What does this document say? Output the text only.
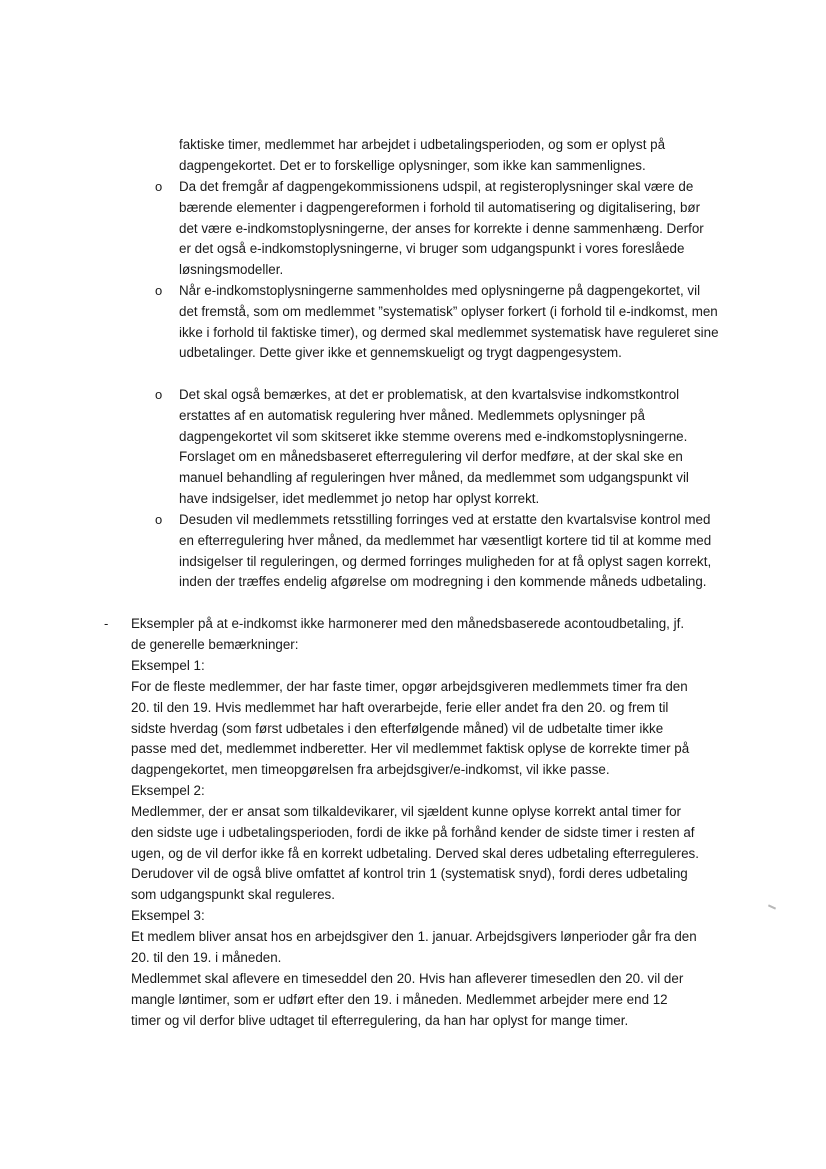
faktiske timer, medlemmet har arbejdet i udbetalingsperioden, og som er oplyst på dagpengekortet. Det er to forskellige oplysninger, som ikke kan sammenlignes.

o Da det fremgår af dagpengekommissionens udspil, at registeroplysninger skal være de bærende elementer i dagpengereformen i forhold til automatisering og digitalisering, bør det være e-indkomstoplysningerne, der anses for korrekte i denne sammenhæng. Derfor er det også e-indkomstoplysningerne, vi bruger som udgangspunkt i vores foreslåede løsningsmodeller.

o Når e-indkomstoplysningerne sammenholdes med oplysningerne på dagpengekortet, vil det fremstå, som om medlemmet ”systematisk” oplyser forkert (i forhold til e-indkomst, men ikke i forhold til faktiske timer), og dermed skal medlemmet systematisk have reguleret sine udbetalinger. Dette giver ikke et gennemskueligt og trygt dagpengesystem.

o Det skal også bemærkes, at det er problematisk, at den kvartalsvise indkomstkontrol erstattes af en automatisk regulering hver måned. Medlemmets oplysninger på dagpengekortet vil som skitseret ikke stemme overens med e-indkomstoplysningerne. Forslaget om en månedsbaseret efterregulering vil derfor medføre, at der skal ske en manuel behandling af reguleringen hver måned, da medlemmet som udgangspunkt vil have indsigelser, idet medlemmet jo netop har oplyst korrekt.

o Desuden vil medlemmets retsstilling forringes ved at erstatte den kvartalsvise kontrol med en efterregulering hver måned, da medlemmet har væsentligt kortere tid til at komme med indsigelser til reguleringen, og dermed forringes muligheden for at få oplyst sagen korrekt, inden der træffes endelig afgørelse om modregning i den kommende måneds udbetaling.

- Eksempler på at e-indkomst ikke harmonerer med den månedsbaserede acontoudbetaling, jf. de generelle bemærkninger:

Eksempel 1:

For de fleste medlemmer, der har faste timer, opgør arbejdsgiveren medlemmets timer fra den 20. til den 19. Hvis medlemmet har haft overarbejde, ferie eller andet fra den 20. og frem til sidste hverdag (som først udbetales i den efterfølgende måned) vil de udbetalte timer ikke passe med det, medlemmet indberetter. Her vil medlemmet faktisk oplyse de korrekte timer på dagpengekortet, men timeopgørelsen fra arbejdsgiver/e-indkomst, vil ikke passe.

Eksempel 2:

Medlemmer, der er ansat som tilkaldevikarer, vil sjældent kunne oplyse korrekt antal timer for den sidste uge i udbetalingsperioden, fordi de ikke på forhånd kender de sidste timer i resten af ugen, og de vil derfor ikke få en korrekt udbetaling. Derved skal deres udbetaling efterreguleres. Derudover vil de også blive omfattet af kontrol trin 1 (systematisk snyd), fordi deres udbetaling som udgangspunkt skal reguleres.

Eksempel 3:

Et medlem bliver ansat hos en arbejdsgiver den 1. januar. Arbejdsgivers lønperioder går fra den 20. til den 19. i måneden.

Medlemmet skal aflevere en timeseddel den 20. Hvis han afleverer timesedlen den 20. vil der mangle løntimer, som er udført efter den 19. i måneden. Medlemmet arbejder mere end 12 timer og vil derfor blive udtaget til efterregulering, da han har oplyst for mange timer.
